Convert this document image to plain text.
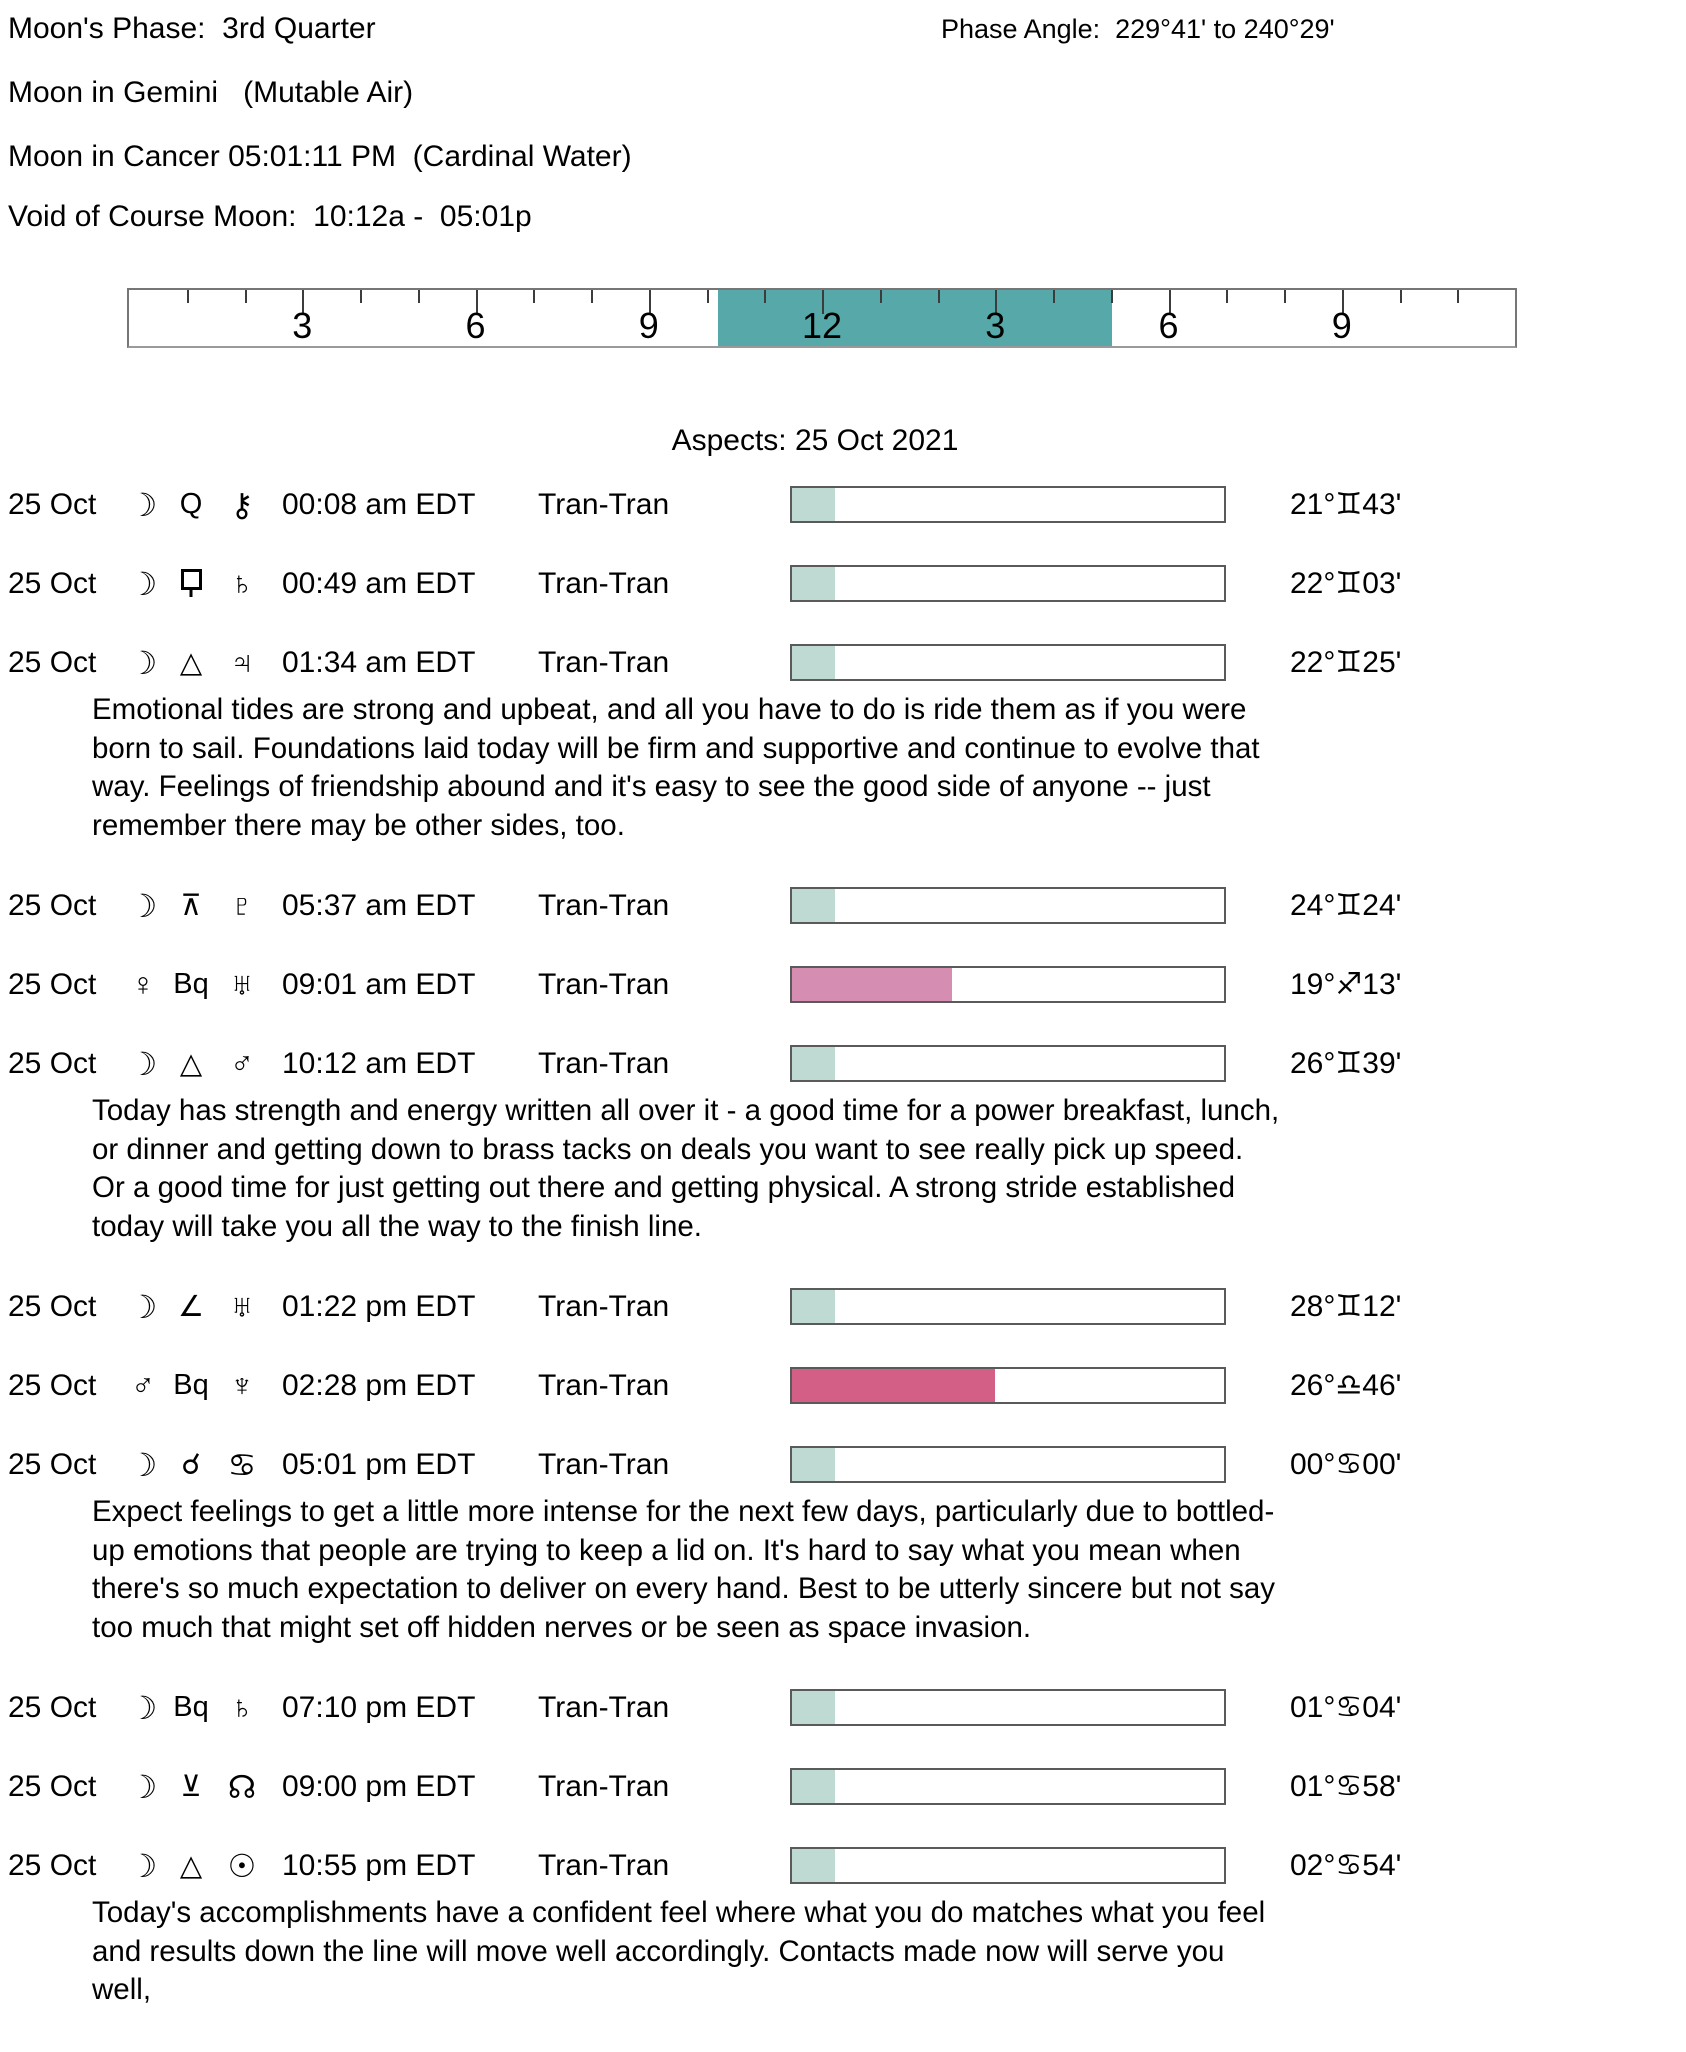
Moon's Phase:  3rd Quarter	Phase Angle:  229°41' to 240°29'
Moon in Gemini   (Mutable Air)
Moon in Cancer 05:01:11 PM  (Cardinal Water)
Void of Course Moon:  10:12a -  05:01p
3	6	9	12	3	6	9
Aspects: 25 Oct 2021
25 Oct	☽ Q ⚷ 00:08 am EDT	Tran-Tran	21°♊43'
25 Oct	☽	♄ 00:49 am EDT	Tran-Tran	22°♊03'
25 Oct	☽ △ ♃ 01:34 am EDT	Tran-Tran	22°♊25'
Emotional tides are strong and upbeat, and all you have to do is ride them as if you were born to sail. Foundations laid today will be firm and supportive and continue to evolve that way. Feelings of friendship abound and it's easy to see the good side of anyone -- just remember there may be other sides, too.
25 Oct	☽ ⊼ ♇ 05:37 am EDT	Tran-Tran	24°♊24'
25 Oct	♀ Bq ♅ 09:01 am EDT	Tran-Tran	19°♐13'
25 Oct	☽ △ ♂ 10:12 am EDT	Tran-Tran	26°♊39'
Today has strength and energy written all over it - a good time for a power breakfast, lunch, or dinner and getting down to brass tacks on deals you want to see really pick up speed. Or a good time for just getting out there and getting physical. A strong stride established today will take you all the way to the finish line.
25 Oct	☽ ∠ ♅ 01:22 pm EDT	Tran-Tran	28°♊12'
25 Oct	♂ Bq ♆ 02:28 pm EDT	Tran-Tran	26°♎46'
25 Oct	☽ ☌ ♋ 05:01 pm EDT	Tran-Tran	00°♋00'
Expect feelings to get a little more intense for the next few days, particularly due to bottled-up emotions that people are trying to keep a lid on. It's hard to say what you mean when there's so much expectation to deliver on every hand. Best to be utterly sincere but not say too much that might set off hidden nerves or be seen as space invasion.
25 Oct	☽ Bq ♄ 07:10 pm EDT	Tran-Tran	01°♋04'
25 Oct	☽ ⊻ ☊ 09:00 pm EDT	Tran-Tran	01°♋58'
25 Oct	☽ △ ☉ 10:55 pm EDT	Tran-Tran	02°♋54'
Today's accomplishments have a confident feel where what you do matches what you feel and results down the line will move well accordingly. Contacts made now will serve you well,
